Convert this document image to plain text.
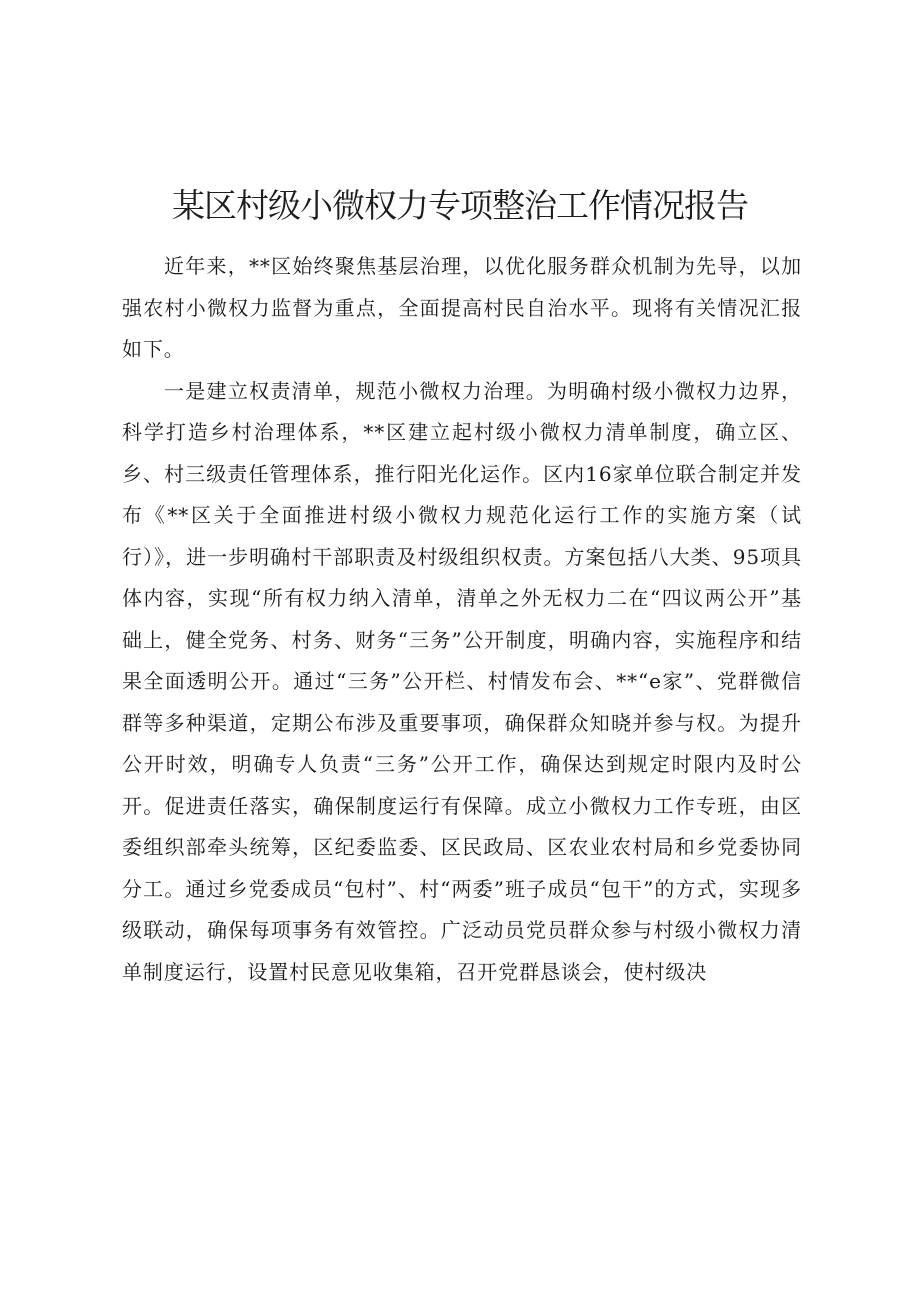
某区村级小微权力专项整治工作情况报告

近年来，**区始终聚焦基层治理，以优化服务群众机制为先导，以加强农村小微权力监督为重点，全面提高村民自治水平。现将有关情况汇报如下。

一是建立权责清单，规范小微权力治理。为明确村级小微权力边界，科学打造乡村治理体系，**区建立起村级小微权力清单制度，确立区、乡、村三级责任管理体系，推行阳光化运作。区内16家单位联合制定并发布《**区关于全面推进村级小微权力规范化运行工作的实施方案（试行）》，进一步明确村干部职责及村级组织权责。方案包括八大类、95项具体内容，实现“所有权力纳入清单，清单之外无权力二在“四议两公开”基础上，健全党务、村务、财务“三务”公开制度，明确内容，实施程序和结果全面透明公开。通过“三务”公开栏、村情发布会、**“e家”、党群微信群等多种渠道，定期公布涉及重要事项，确保群众知晓并参与权。为提升公开时效，明确专人负责“三务”公开工作，确保达到规定时限内及时公开。促进责任落实，确保制度运行有保障。成立小微权力工作专班，由区委组织部牵头统筹，区纪委监委、区民政局、区农业农村局和乡党委协同分工。通过乡党委成员“包村”、村“两委”班子成员“包干”的方式，实现多级联动，确保每项事务有效管控。广泛动员党员群众参与村级小微权力清单制度运行，设置村民意见收集箱，召开党群恳谈会，使村级决
